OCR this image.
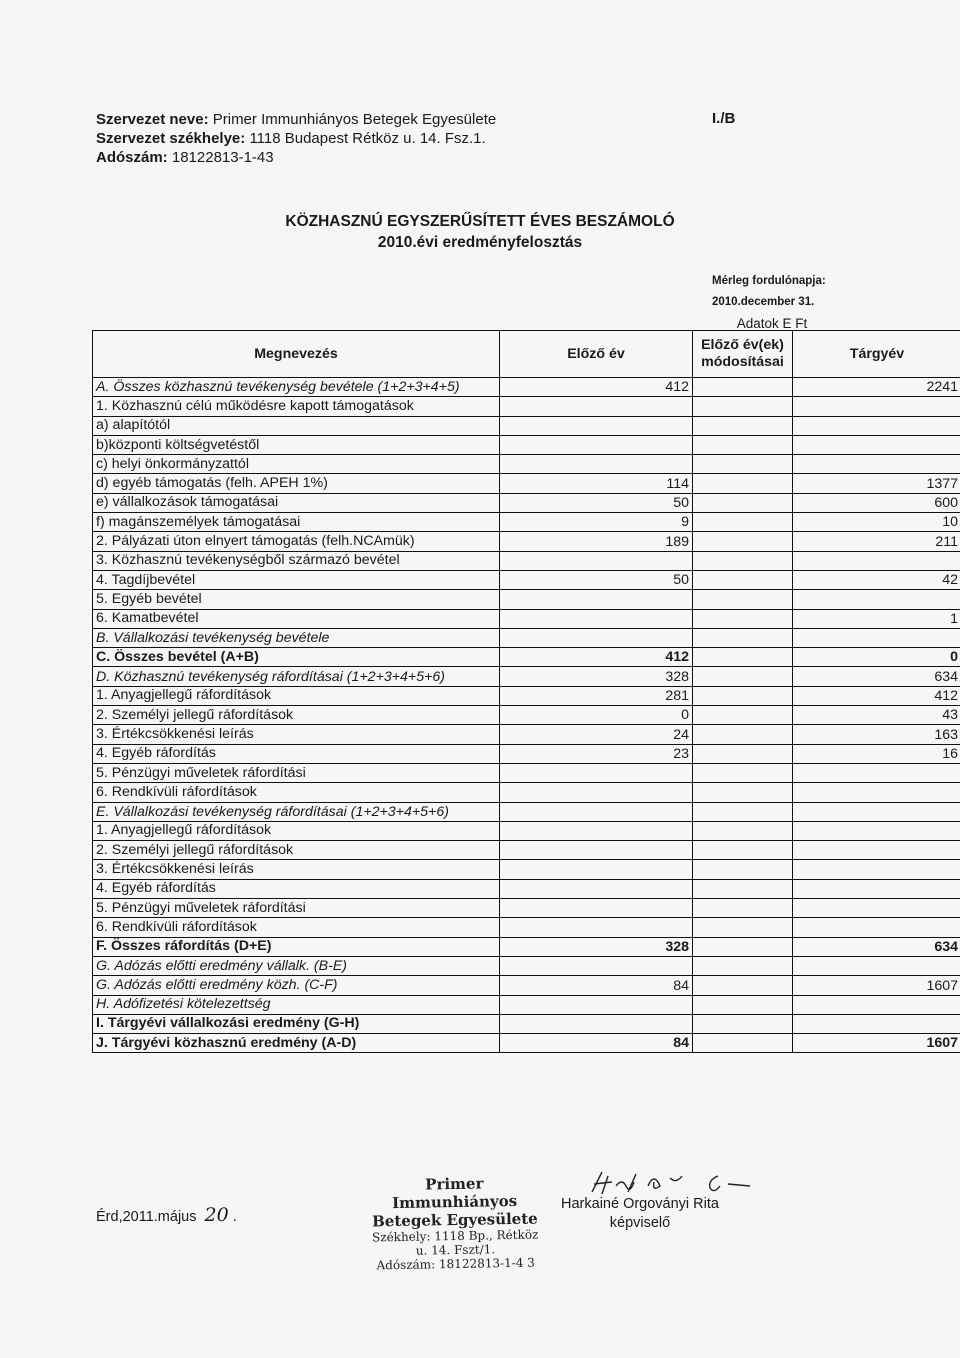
Szervezet neve: Primer Immunhiányos Betegek Egyesülete
Szervezet székhelye: 1118 Budapest Rétköz u. 14. Fsz.1.
Adószám: 18122813-1-43
I./B
KÖZHASZNÚ EGYSZERŰSÍTETT ÉVES BESZÁMOLÓ
2010.évi eredményfelosztás
Mérleg fordulónapja:
2010.december 31.
Adatok E Ft
Megnevezés	Előző év	Előző év(ek) módosításai	Tárgyév
A. Összes közhasznú tevékenység bevétele (1+2+3+4+5)	412		2241
1. Közhasznú célú működésre kapott támogatások			
a) alapítótól			
b)központi költségvetéstől			
c) helyi önkormányzattól			
d) egyéb támogatás (felh. APEH 1%)	114		1377
e) vállalkozások támogatásai	50		600
f) magánszemélyek támogatásai	9		10
2. Pályázati úton elnyert támogatás (felh.NCAmük)	189		211
3. Közhasznú tevékenységből származó bevétel			
4. Tagdíjbevétel	50		42
5. Egyéb bevétel			
6. Kamatbevétel			1
B. Vállalkozási tevékenység bevétele			
C. Összes bevétel (A+B)	412		0
D. Közhasznú tevékenység ráfordításai (1+2+3+4+5+6)	328		634
1. Anyagjellegű ráfordítások	281		412
2. Személyi jellegű ráfordítások	0		43
3. Értékcsökkenési leírás	24		163
4. Egyéb ráfordítás	23		16
5. Pénzügyi műveletek ráfordítási			
6. Rendkívüli ráfordítások			
E. Vállalkozási tevékenység ráfordításai (1+2+3+4+5+6)			
1. Anyagjellegű ráfordítások			
2. Személyi jellegű ráfordítások			
3. Értékcsökkenési leírás			
4. Egyéb ráfordítás			
5. Pénzügyi műveletek ráfordítási			
6. Rendkívüli ráfordítások			
F. Összes ráfordítás (D+E)	328		634
G. Adózás előtti eredmény vállalk. (B-E)			
G. Adózás előtti eredmény közh. (C-F)	84		1607
H. Adófizetési kötelezettség			
I. Tárgyévi vállalkozási eredmény (G-H)			
J. Tárgyévi közhasznú eredmény (A-D)	84		1607
Érd,2011.május 20 .
Primer Immunhiányos
Betegek Egyesülete
Székhely: 1118 Bp., Rétköz u. 14. Fszt/1.
Adószám: 18122813-1-4 3
Harkainé Orgoványi Rita
képviselő
